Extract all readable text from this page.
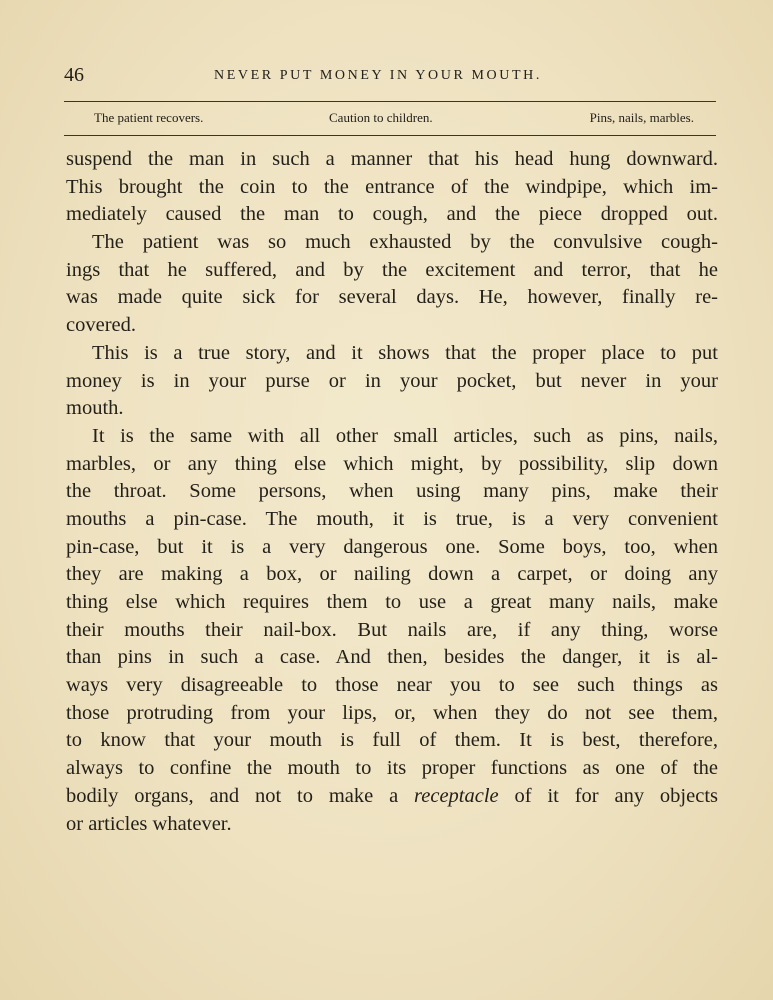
46	NEVER PUT MONEY IN YOUR MOUTH.
The patient recovers.	Caution to children.	Pins, nails, marbles.
suspend the man in such a manner that his head hung downward.
This brought the coin to the entrance of the windpipe, which im-
mediately caused the man to cough, and the piece dropped out.
The patient was so much exhausted by the convulsive cough-
ings that he suffered, and by the excitement and terror, that he
was made quite sick for several days. He, however, finally re-
covered.
This is a true story, and it shows that the proper place to put
money is in your purse or in your pocket, but never in your
mouth.
It is the same with all other small articles, such as pins, nails,
marbles, or any thing else which might, by possibility, slip down
the throat. Some persons, when using many pins, make their
mouths a pin-case. The mouth, it is true, is a very convenient
pin-case, but it is a very dangerous one. Some boys, too, when
they are making a box, or nailing down a carpet, or doing any
thing else which requires them to use a great many nails, make
their mouths their nail-box. But nails are, if any thing, worse
than pins in such a case. And then, besides the danger, it is al-
ways very disagreeable to those near you to see such things as
those protruding from your lips, or, when they do not see them,
to know that your mouth is full of them. It is best, therefore,
always to confine the mouth to its proper functions as one of the
bodily organs, and not to make a receptacle of it for any objects
or articles whatever.
